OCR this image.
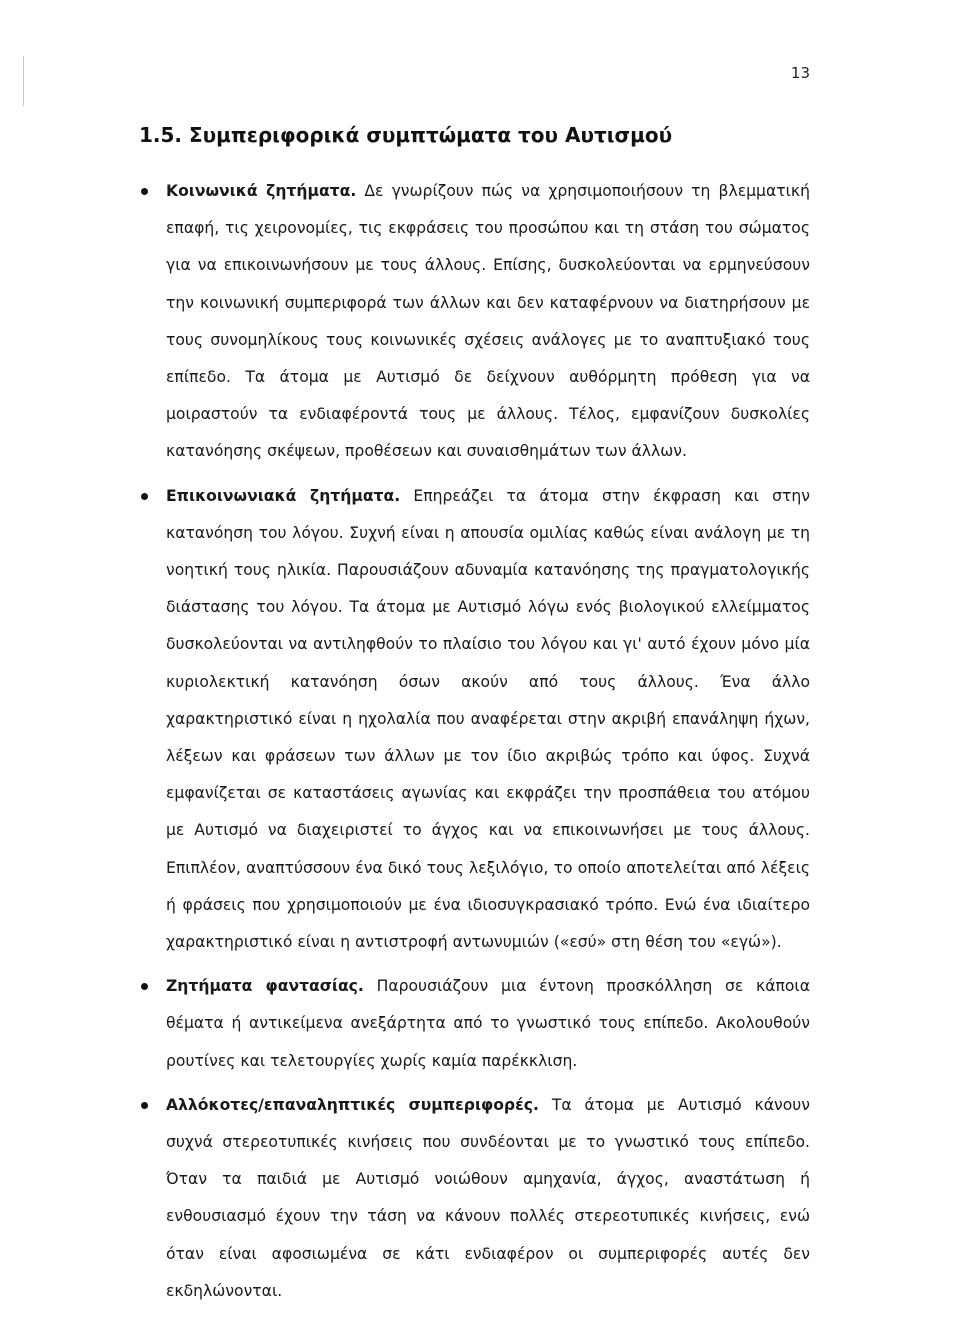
13
1.5. Συμπεριφορικά συμπτώματα του Αυτισμού
Κοινωνικά ζητήματα. Δε γνωρίζουν πώς να χρησιμοποιήσουν τη βλεμματική επαφή, τις χειρονομίες, τις εκφράσεις του προσώπου και τη στάση του σώματος για να επικοινωνήσουν με τους άλλους. Επίσης, δυσκολεύονται να ερμηνεύσουν την κοινωνική συμπεριφορά των άλλων και δεν καταφέρνουν να διατηρήσουν με τους συνομηλίκους τους κοινωνικές σχέσεις ανάλογες με το αναπτυξιακό τους επίπεδο. Τα άτομα με Αυτισμό δε δείχνουν αυθόρμητη πρόθεση για να μοιραστούν τα ενδιαφέροντά τους με άλλους. Τέλος, εμφανίζουν δυσκολίες κατανόησης σκέψεων, προθέσεων και συναισθημάτων των άλλων.
Επικοινωνιακά ζητήματα. Επηρεάζει τα άτομα στην έκφραση και στην κατανόηση του λόγου. Συχνή είναι η απουσία ομιλίας καθώς είναι ανάλογη με τη νοητική τους ηλικία. Παρουσιάζουν αδυναμία κατανόησης της πραγματολογικής διάστασης του λόγου. Τα άτομα με Αυτισμό λόγω ενός βιολογικού ελλείμματος δυσκολεύονται να αντιληφθούν το πλαίσιο του λόγου και γι' αυτό έχουν μόνο μία κυριολεκτική κατανόηση όσων ακούν από τους άλλους. Ένα άλλο χαρακτηριστικό είναι η ηχολαλία που αναφέρεται στην ακριβή επανάληψη ήχων, λέξεων και φράσεων των άλλων με τον ίδιο ακριβώς τρόπο και ύφος. Συχνά εμφανίζεται σε καταστάσεις αγωνίας και εκφράζει την προσπάθεια του ατόμου με Αυτισμό να διαχειριστεί το άγχος και να επικοινωνήσει με τους άλλους. Επιπλέον, αναπτύσσουν ένα δικό τους λεξιλόγιο, το οποίο αποτελείται από λέξεις ή φράσεις που χρησιμοποιούν με ένα ιδιοσυγκρασιακό τρόπο. Ενώ ένα ιδιαίτερο χαρακτηριστικό είναι η αντιστροφή αντωνυμιών («εσύ» στη θέση του «εγώ»).
Ζητήματα φαντασίας. Παρουσιάζουν μια έντονη προσκόλληση σε κάποια θέματα ή αντικείμενα ανεξάρτητα από το γνωστικό τους επίπεδο. Ακολουθούν ρουτίνες και τελετουργίες χωρίς καμία παρέκκλιση.
Αλλόκοτες/επαναληπτικές συμπεριφορές. Τα άτομα με Αυτισμό κάνουν συχνά στερεοτυπικές κινήσεις που συνδέονται με το γνωστικό τους επίπεδο. Όταν τα παιδιά με Αυτισμό νοιώθουν αμηχανία, άγχος, αναστάτωση ή ενθουσιασμό έχουν την τάση να κάνουν πολλές στερεοτυπικές κινήσεις, ενώ όταν είναι αφοσιωμένα σε κάτι ενδιαφέρον οι συμπεριφορές αυτές δεν εκδηλώνονται.
